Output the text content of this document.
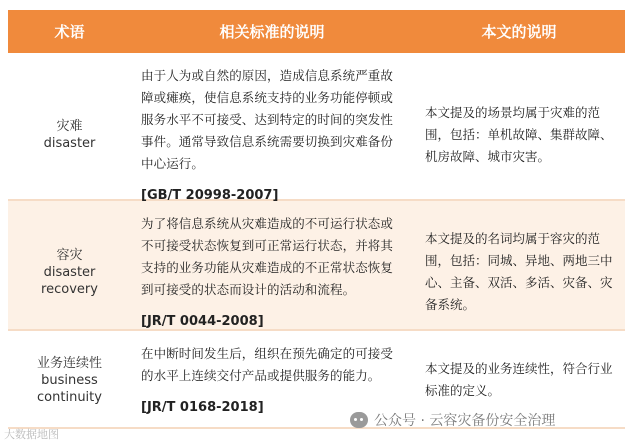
术语	相关标准的说明	本文的说明
灾难
disaster
由于人为或自然的原因，造成信息系统严重故障或瘫痪，使信息系统支持的业务功能停顿或服务水平不可接受、达到特定的时间的突发性事件。通常导致信息系统需要切换到灾难备份中心运行。
[GB/T 20998-2007]
本文提及的场景均属于灾难的范围，包括：单机故障、集群故障、机房故障、城市灾害。
容灾
disaster
recovery
为了将信息系统从灾难造成的不可运行状态或不可接受状态恢复到可正常运行状态，并将其支持的业务功能从灾难造成的不正常状态恢复到可接受的状态而设计的活动和流程。
[JR/T 0044-2008]
本文提及的名词均属于容灾的范围，包括：同城、异地、两地三中心、主备、双活、多活、灾备、灾备系统。
业务连续性
business
continuity
在中断时间发生后，组织在预先确定的可接受的水平上连续交付产品或提供服务的能力。
[JR/T 0168-2018]
本文提及的业务连续性，符合行业标准的定义。
公众号 · 云容灾备份安全治理
大数据地图
